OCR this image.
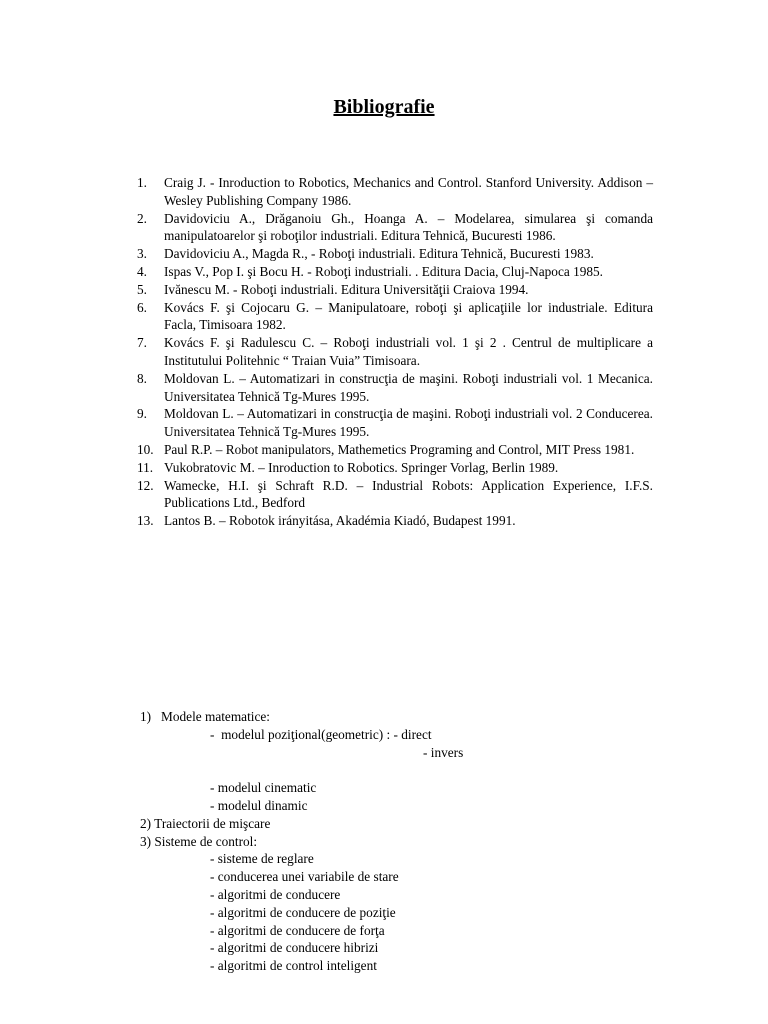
Bibliografie
1. Craig J. - Inroduction to Robotics, Mechanics and Control. Stanford University. Addison – Wesley Publishing Company 1986.
2. Davidoviciu A., Drăganoiu Gh., Hoanga A. – Modelarea, simularea şi comanda manipulatoarelor şi roboţilor industriali. Editura Tehnică, Bucuresti 1986.
3. Davidoviciu A., Magda R., - Roboţi industriali. Editura Tehnică, Bucuresti 1983.
4. Ispas V., Pop I. şi Bocu H. - Roboţi industriali. . Editura Dacia, Cluj-Napoca 1985.
5. Ivănescu M. - Roboţi industriali. Editura Universităţii Craiova 1994.
6. Kovács F. şi Cojocaru G. – Manipulatoare, roboţi şi aplicaţiile lor industriale. Editura Facla, Timisoara 1982.
7. Kovács F. şi Radulescu C. – Roboţi industriali vol. 1 şi 2 . Centrul de multiplicare a Institutului Politehnic “ Traian Vuia” Timisoara.
8. Moldovan L. – Automatizari in construcţia de maşini. Roboţi industriali vol. 1 Mecanica. Universitatea Tehnică Tg-Mures 1995.
9. Moldovan L. – Automatizari in construcţia de maşini. Roboţi industriali vol. 2 Conducerea. Universitatea Tehnică Tg-Mures 1995.
10. Paul R.P. – Robot manipulators, Mathemetics Programing and Control, MIT Press 1981.
11. Vukobratovic M. – Inroduction to Robotics. Springer Vorlag, Berlin 1989.
12. Wamecke, H.I. şi Schraft R.D. – Industrial Robots: Application Experience, I.F.S. Publications Ltd., Bedford
13. Lantos B. – Robotok irányitása, Akadémia Kiadó, Budapest 1991.
1)   Modele matematice:
-  modelul poziţional(geometric) : - direct
- invers
- modelul cinematic
- modelul dinamic
2) Traiectorii de mişcare
3) Sisteme de control:
- sisteme de reglare
- conducerea unei variabile de stare
- algoritmi de conducere
- algoritmi de conducere de poziţie
- algoritmi de conducere de forţa
- algoritmi de conducere hibrizi
- algoritmi de control inteligent
